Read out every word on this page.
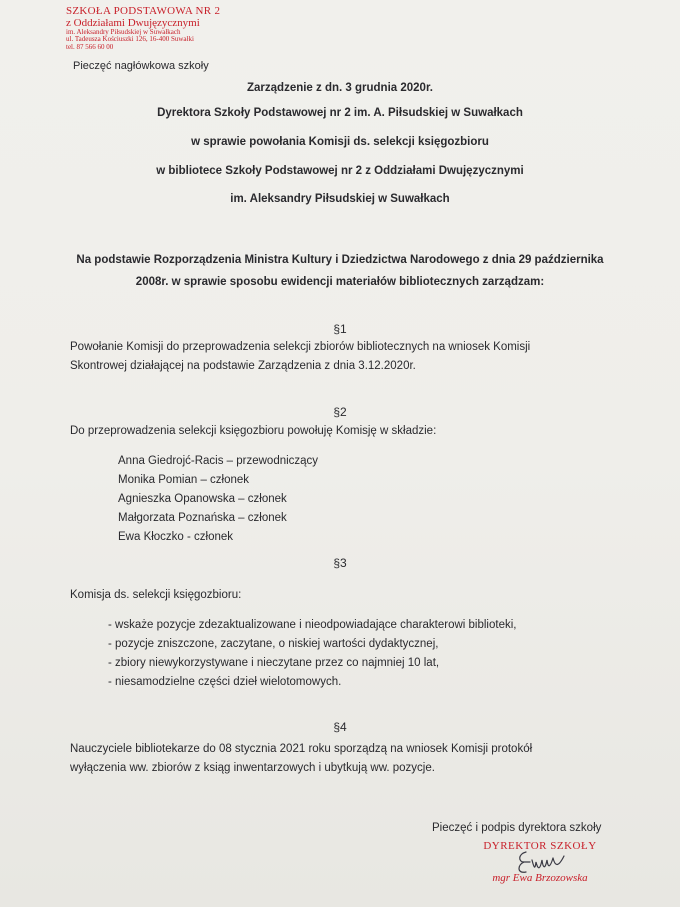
SZKOŁA PODSTAWOWA NR 2
z Oddziałami Dwujęzycznymi
im. Aleksandry Piłsudskiej w Suwałkach
ul. Tadeusza Kościuszki 126, 16-400 Suwałki
tel. 87 566 60 00
Pieczęć nagłówkowa szkoły
Zarządzenie z dn. 3 grudnia 2020r.
Dyrektora Szkoły Podstawowej nr 2 im. A. Piłsudskiej w Suwałkach
w sprawie powołania Komisji ds. selekcji księgozbioru
w bibliotece Szkoły Podstawowej nr 2 z Oddziałami Dwujęzycznymi
im. Aleksandry Piłsudskiej w Suwałkach
Na podstawie Rozporządzenia Ministra Kultury i Dziedzictwa Narodowego z dnia 29 października
2008r. w sprawie sposobu ewidencji materiałów bibliotecznych zarządzam:
§1
Powołanie Komisji do przeprowadzenia selekcji zbiorów bibliotecznych na wniosek Komisji
Skontrowej działającej na podstawie Zarządzenia z dnia 3.12.2020r.
§2
Do przeprowadzenia selekcji księgozbioru powołuję Komisję w składzie:
Anna Giedrojć-Racis – przewodniczący
Monika Pomian – członek
Agnieszka Opanowska – członek
Małgorzata Poznańska – członek
Ewa Kłoczko - członek
§3
Komisja ds. selekcji księgozbioru:
- wskaże pozycje zdezaktualizowane i nieodpowiadające charakterowi biblioteki,
- pozycje zniszczone, zaczytane, o niskiej wartości dydaktycznej,
- zbiory niewykorzystywane i nieczytane przez co najmniej 10 lat,
- niesamodzielne części dzieł wielotomowych.
§4
Nauczyciele bibliotekarze do 08 stycznia 2021 roku sporządzą na wniosek Komisji protokół
wyłączenia ww. zbiorów z ksiąg inwentarzowych i ubytkują ww. pozycje.
Pieczęć i podpis dyrektora szkoły
DYREKTOR SZKOŁY
mgr Ewa Brzozowska
